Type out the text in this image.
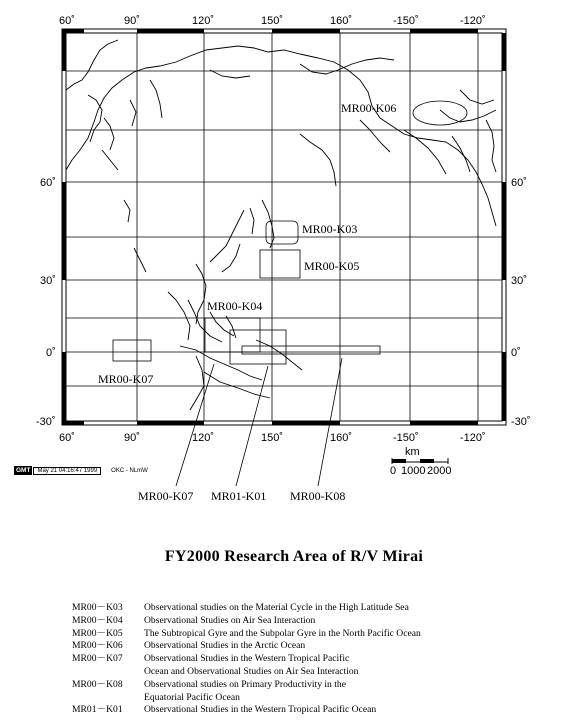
MR00-K06
MR00-K03
MR00-K05
MR00-K04
MR00-K07
MR00-K07 MR01-K01 MR00-K08
60˚	90˚	120˚	150˚	160˚	-150˚	-120˚
60˚	90˚	120˚	150˚	160˚	-150˚	-120˚
60˚
30˚
0˚
-30˚
60˚
30˚
0˚
-30˚
km
0 1000 2000
GMT	May 21 04:16:47 1999	OKC - NLmW
FY2000 Research Area of R/V Mirai
MR00－K03	Observational studies on the Material Cycle in the High Latitude Sea
MR00－K04	Observational Studies on Air Sea Interaction
MR00－K05	The Subtropical Gyre and the Subpolar Gyre in the North Pacific Ocean
MR00－K06	Observational Studies in the Arctic Ocean
MR00－K07	Observational Studies in the Western Tropical Pacific
Ocean and Observational Studies on Air Sea Interaction
MR00－K08	Observational studies on Primary Productivity in the
Equatorial Pacific Ocean
MR01－K01	Observational Studies in the Western Tropical Pacific Ocean
